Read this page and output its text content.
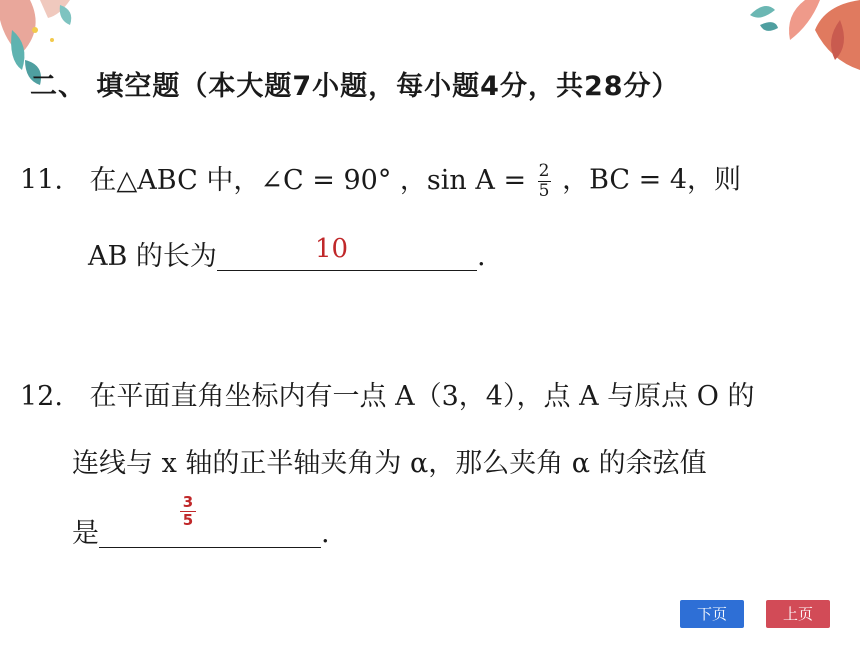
二、 填空题（本大题7小题，每小题4分，共28分）
11. 在△ABC 中，∠C = 90° ，$\sin A = \frac{2}{5}$ ，BC = 4，则
AB 的长为	.
10
12. 在平面直角坐标内有一点 A（3，4），点 A 与原点 O 的
连线与 x 轴的正半轴夹角为 α，那么夹角 α 的余弦值
是	.
$\frac{3}{5}$
下页	上页
